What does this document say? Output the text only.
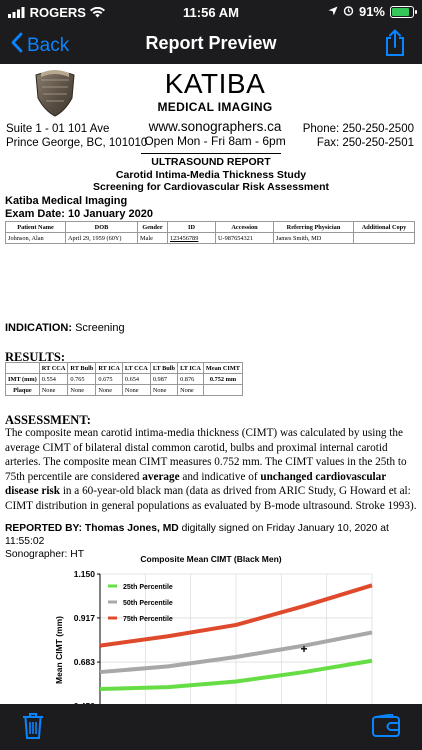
ROGERS	11:56 AM	91%
Back	Report Preview
KATIBA
MEDICAL IMAGING
www.sonographers.ca
Open Mon - Fri 8am - 6pm
Suite 1 - 01 101 Ave
Prince George, BC, 101010
Phone: 250-250-2500
Fax: 250-250-2501
ULTRASOUND REPORT
Carotid Intima-Media Thickness Study
Screening for Cardiovascular Risk Assessment
Katiba Medical Imaging
Exam Date: 10 January 2020
Patient Name	DOB	Gender	ID	Accession	Referring Physician	Additional Copy
Johnson, Alan	April 29, 1959 (60Y)	Male	123456789	U-987654321	James Smith, MD	
INDICATION: Screening
RESULTS:
	RT CCA	RT Bulb	RT ICA	LT CCA	LT Bulb	LT ICA	Mean CIMT
IMT (mm)	0.554	0.765	0.675	0.654	0.987	0.876	0.752 mm
Plaque	None	None	None	None	None	None	
ASSESSMENT:
The composite mean carotid intima-media thickness (CIMT) was calculated by using the average CIMT of bilateral distal common carotid, bulbs and proximal internal carotid arteries. The composite mean CIMT measures 0.752 mm. The CIMT values in the 25th to 75th percentile are considered average and indicative of unchanged cardiovascular disease risk in a 60-year-old black man (data as drived from ARIC Study, G Howard et al: CIMT distribution in general populations as evaluated by B-mode ultrasound. Stroke 1993).
REPORTED BY: Thomas Jones, MD digitally signed on Friday January 10, 2020 at 11:55:02
Sonographer: HT	Composite Mean CIMT (Black Men)
1.150
0.917
0.683
Mean CIMT (mm)
25th Percentile
50th Percentile
75th Percentile
+
